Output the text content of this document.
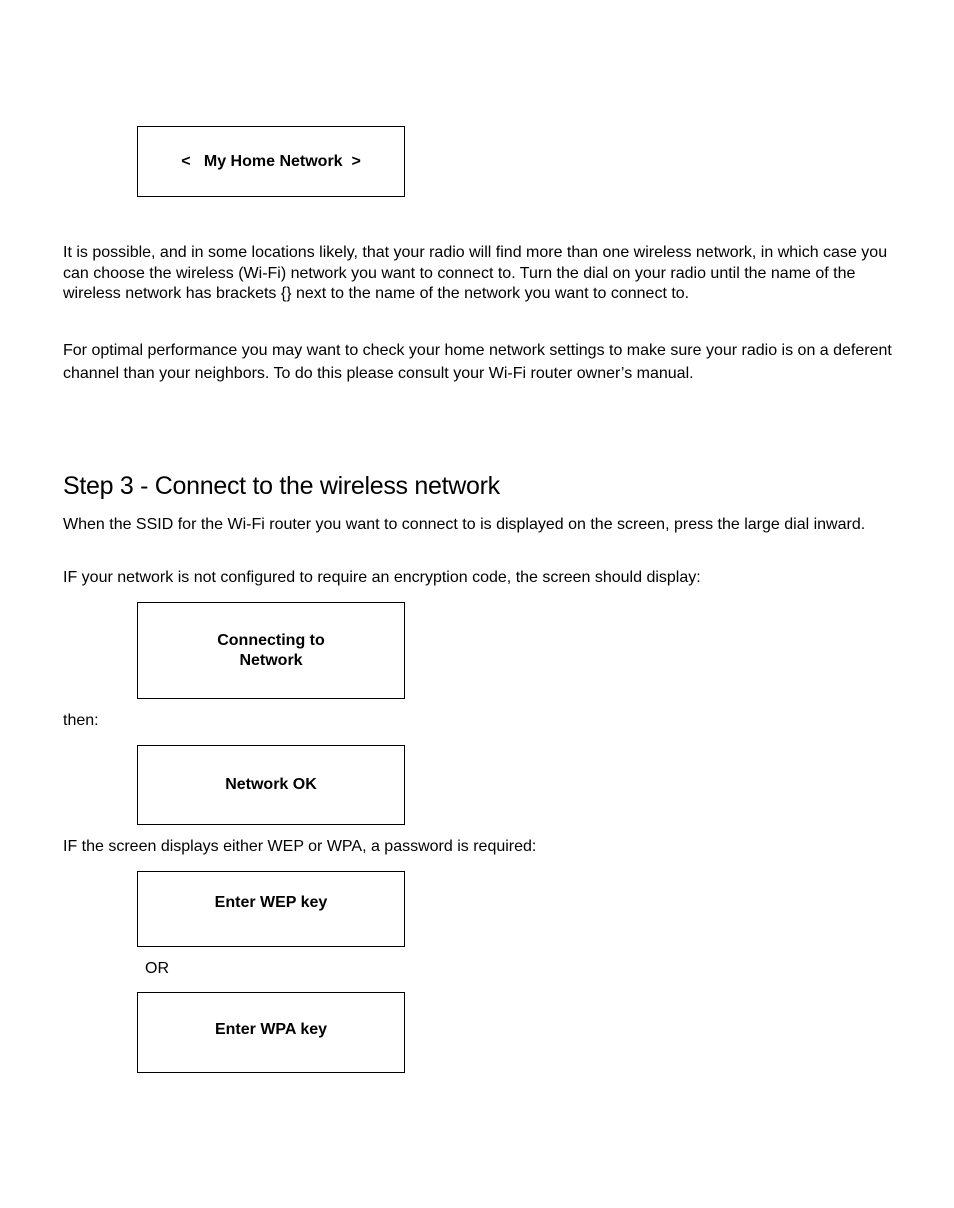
<   My Home Network  >

It is possible, and in some locations likely, that your radio will find more than one wireless network, in which case you can choose the wireless (Wi-Fi) network you want to connect to. Turn the dial on your radio until the name of the wireless network has brackets {} next to the name of the network you want to connect to.

For optimal performance you may want to check your home network settings to make sure your radio is on a deferent channel than your neighbors. To do this please consult your Wi-Fi router owner’s manual.

Step 3 - Connect to the wireless network

When the SSID for the Wi-Fi router you want to connect to is displayed on the screen, press the large dial inward.

IF your network is not configured to require an encryption code, the screen should display:

Connecting to
Network

then:

Network OK

IF the screen displays either WEP or WPA, a password is required:

Enter WEP key

OR

Enter WPA key
